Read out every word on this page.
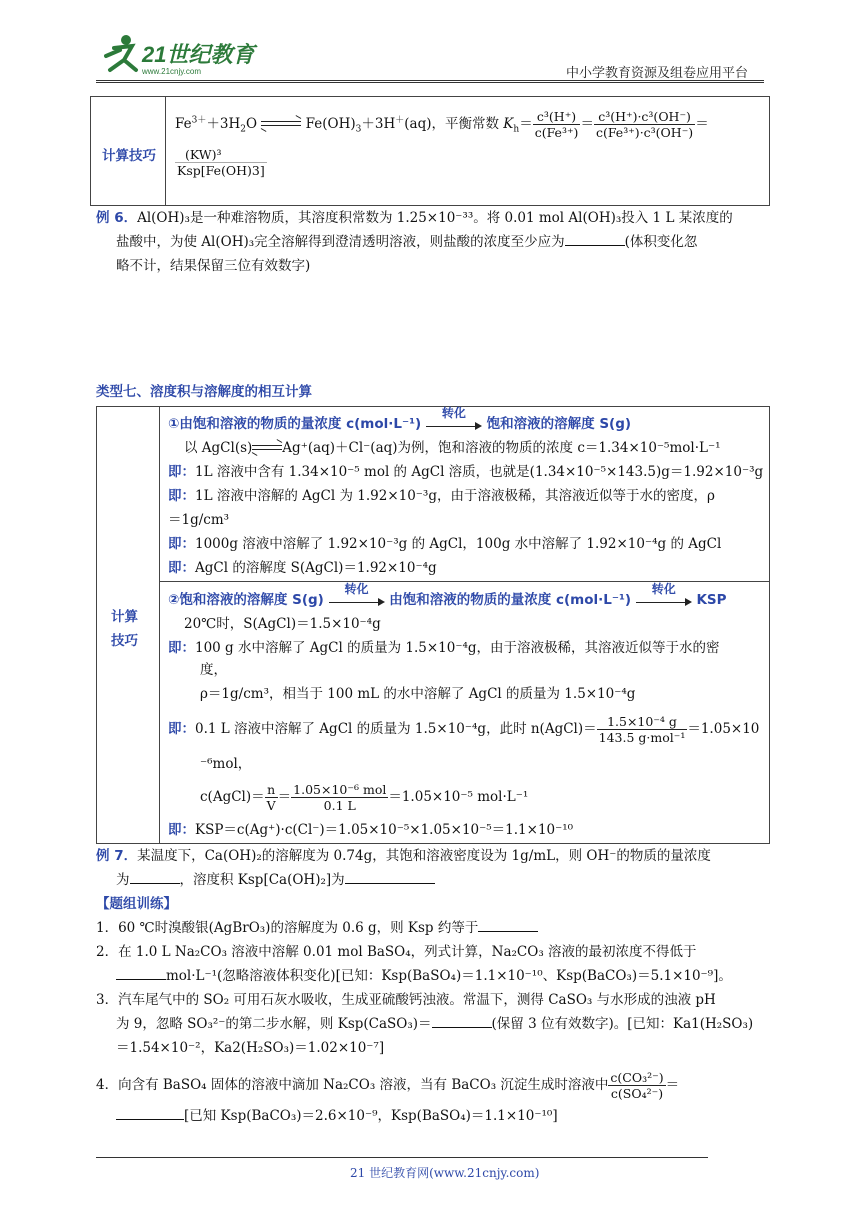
21世纪教育
www.21cnjy.com	中小学教育资源及组卷应用平台
计算技巧
$Fe^{3+}+3H_2O$ ⇌ $Fe(OH)_3+3H^+(aq)$，平衡常数 $K_h= \frac{\text{c³(H⁺)}}{\text{c(Fe³⁺)}} = \frac{\text{c³(H⁺)·c³(OH⁻)}}{\text{c(Fe³⁺)·c³(OH⁻)}}$ ＝
$\frac{\text{(KW)³}}{\text{Ksp[Fe(OH)3]}}$
例 6．Al(OH)₃是一种难溶物质，其溶度积常数为 1.25×10⁻³³。将 0.01 mol Al(OH)₃投入 1 L 某浓度的
盐酸中，为使 Al(OH)₃完全溶解得到澄清透明溶液，则盐酸的浓度至少应为	(体积变化忽
略不计，结果保留三位有效数字)
类型七、溶度积与溶解度的相互计算
计算
技巧
①由饱和溶液的物质的量浓度 c(mol·L⁻¹)
转化
饱和溶液的溶解度 S(g)
以 AgCl(s) Ag⁺(aq)＋Cl⁻(aq)为例，饱和溶液的物质的浓度 c＝1.34×10⁻⁵mol·L⁻¹
即：1L 溶液中含有 1.34×10⁻⁵ mol 的 AgCl 溶质，也就是(1.34×10⁻⁵×143.5)g＝1.92×10⁻³g
即：1L 溶液中溶解的 AgCl 为 1.92×10⁻³g，由于溶液极稀，其溶液近似等于水的密度，ρ
＝1g/cm³
即：1000g 溶液中溶解了 1.92×10⁻³g 的 AgCl，100g 水中溶解了 1.92×10⁻⁴g 的 AgCl
即：AgCl 的溶解度 S(AgCl)＝1.92×10⁻⁴g
②饱和溶液的溶解度 S(g)
转化
由饱和溶液的物质的量浓度 c(mol·L⁻¹)
转化
KSP
20℃时，S(AgCl)＝1.5×10⁻⁴g
即：100 g 水中溶解了 AgCl 的质量为 1.5×10⁻⁴g，由于溶液极稀，其溶液近似等于水的密
度，
ρ＝1g/cm³，相当于 100 mL 的水中溶解了 AgCl 的质量为 1.5×10⁻⁴g
即：0.1 L 溶液中溶解了 AgCl 的质量为 1.5×10⁻⁴g，此时 n(AgCl)＝ $\frac{\text{1.5×10⁻⁴ g}}{\text{143.5 g·mol⁻¹}} =1.05\times 10$
⁻⁶mol，
c(AgCl)＝ $\frac{n}{V} = \frac{\text{1.05×10⁻⁶ mol}}{0.1 L} =1.05\times 10^{-5}$ mol·L⁻¹
即：KSP＝c(Ag⁺)·c(Cl⁻)＝1.05×10⁻⁵×1.05×10⁻⁵＝1.1×10⁻¹⁰
例 7．某温度下，Ca(OH)₂的溶解度为 0.74g，其饱和溶液密度设为 1g/mL，则 OH⁻的物质的量浓度
为	，溶度积 Ksp[Ca(OH)₂]为
【题组训练】
1．60 ℃时溴酸银(AgBrO₃)的溶解度为 0.6 g，则 Ksp 约等于
2．在 1.0 L Na₂CO₃ 溶液中溶解 0.01 mol BaSO₄，列式计算，Na₂CO₃ 溶液的最初浓度不得低于
mol·L⁻¹(忽略溶液体积变化)[已知：Ksp(BaSO₄)＝1.1×10⁻¹⁰、Ksp(BaCO₃)＝5.1×10⁻⁹]。
3．汽车尾气中的 SO₂ 可用石灰水吸收，生成亚硫酸钙浊液。常温下，测得 CaSO₃ 与水形成的浊液 pH
为 9，忽略 SO₃²⁻的第二步水解，则 Ksp(CaSO₃)＝	(保留 3 位有效数字)。[已知：Ka1(H₂SO₃)
＝1.54×10⁻²，Ka2(H₂SO₃)＝1.02×10⁻⁷]
4．向含有 BaSO₄ 固体的溶液中滴加 Na₂CO₃ 溶液，当有 BaCO₃ 沉淀生成时溶液中 $\frac{\text{c(CO₃²⁻)}}{\text{c(SO₄²⁻)}}$ ＝
[已知 Ksp(BaCO₃)＝2.6×10⁻⁹，Ksp(BaSO₄)＝1.1×10⁻¹⁰]
21 世纪教育网(www.21cnjy.com)
